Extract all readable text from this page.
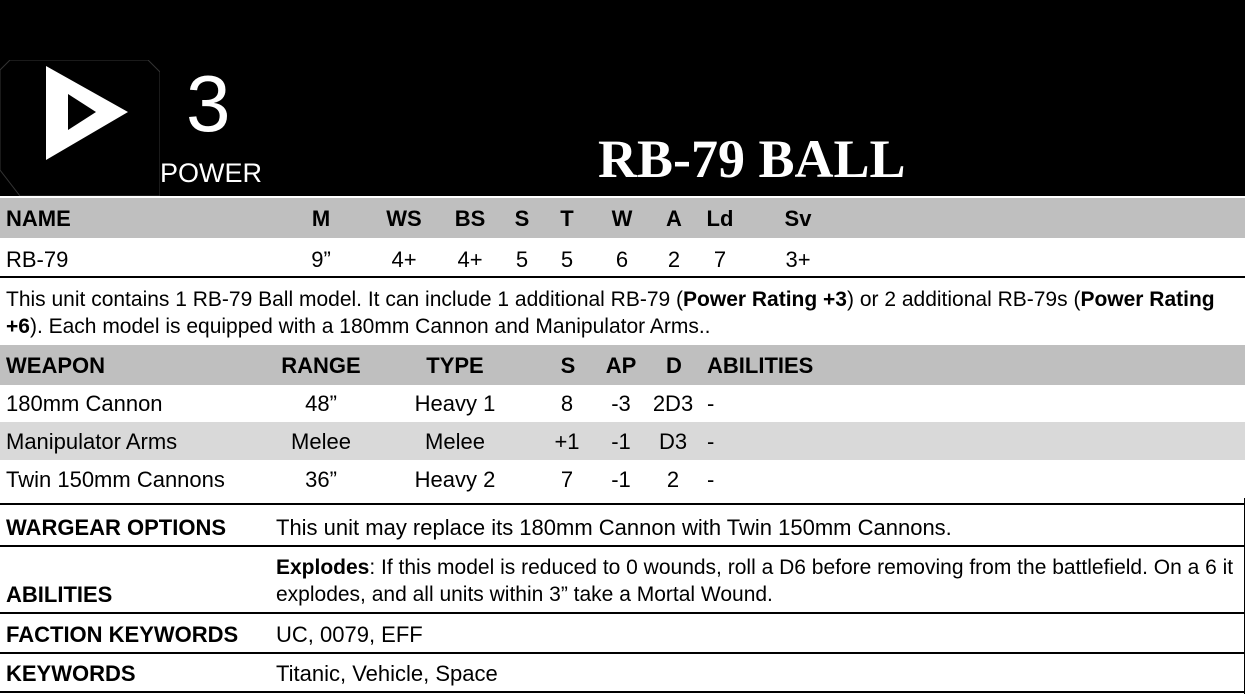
3
POWER	RB-79 BALL
NAME	M	WS BS S T W A Ld Sv
RB-79	9”	4+ 4+ 5 5 6 2 7	3+
This unit contains 1 RB-79 Ball model. It can include 1 additional RB-79 (Power Rating +3) or 2 additional RB-79s (Power Rating +6). Each model is equipped with a 180mm Cannon and Manipulator Arms..
WEAPON	RANGE	TYPE	S AP D ABILITIES
180mm Cannon	48”	Heavy 1	8 -3 2D3 -
Manipulator Arms	Melee	Melee	+1 -1 D3 -
Twin 150mm Cannons	36”	Heavy 2	7 -1 2 -
WARGEAR OPTIONS This unit may replace its 180mm Cannon with Twin 150mm Cannons.
ABILITIES
Explodes: If this model is reduced to 0 wounds, roll a D6 before removing from the battlefield. On a 6 it explodes, and all units within 3” take a Mortal Wound.
FACTION KEYWORDS UC, 0079, EFF
KEYWORDS	Titanic, Vehicle, Space
